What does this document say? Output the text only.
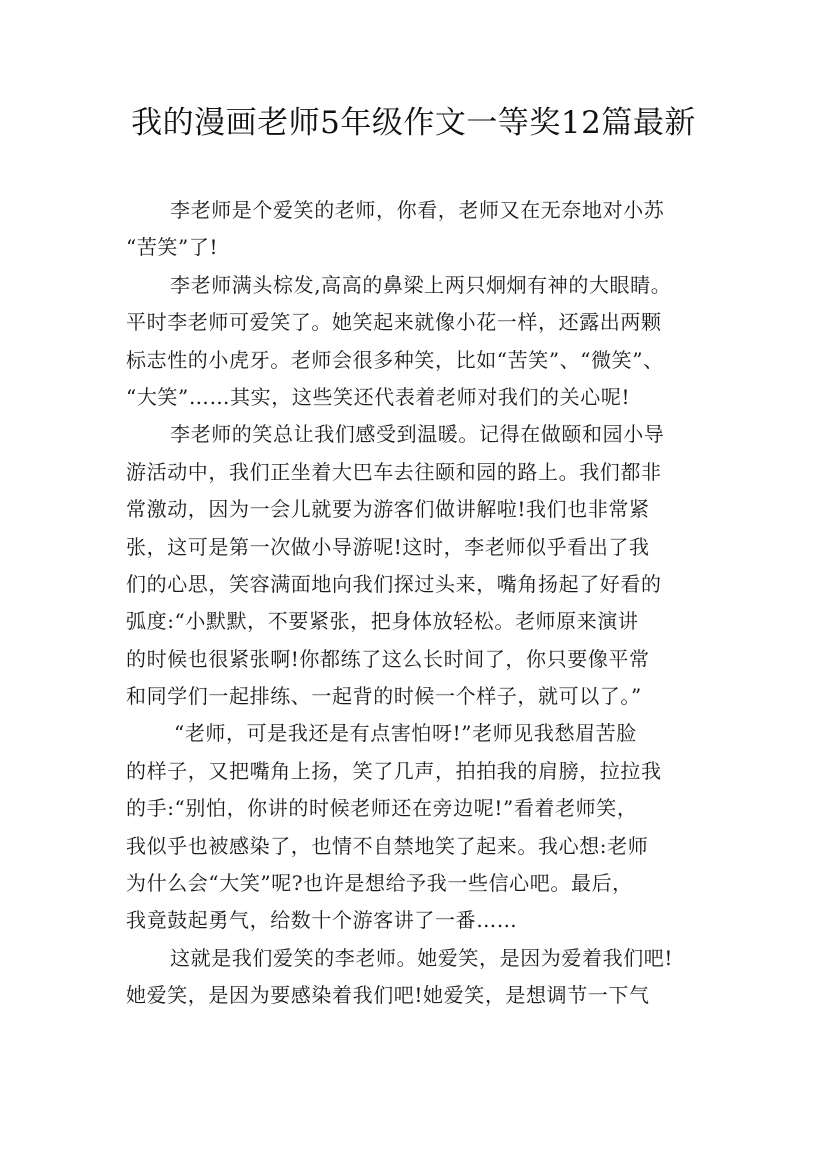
我的漫画老师5年级作文一等奖12篇最新
李老师是个爱笑的老师，你看，老师又在无奈地对小苏
“苦笑”了!
李老师满头棕发,高高的鼻梁上两只炯炯有神的大眼睛。
平时李老师可爱笑了。她笑起来就像小花一样，还露出两颗
标志性的小虎牙。老师会很多种笑，比如“苦笑”、“微笑”、
“大笑”……其实，这些笑还代表着老师对我们的关心呢!
李老师的笑总让我们感受到温暖。记得在做颐和园小导
游活动中，我们正坐着大巴车去往颐和园的路上。我们都非
常激动，因为一会儿就要为游客们做讲解啦!我们也非常紧
张，这可是第一次做小导游呢!这时，李老师似乎看出了我
们的心思，笑容满面地向我们探过头来，嘴角扬起了好看的
弧度:“小默默，不要紧张，把身体放轻松。老师原来演讲
的时候也很紧张啊!你都练了这么长时间了，你只要像平常
和同学们一起排练、一起背的时候一个样子，就可以了。”
“老师，可是我还是有点害怕呀!”老师见我愁眉苦脸
的样子，又把嘴角上扬，笑了几声，拍拍我的肩膀，拉拉我
的手:“别怕，你讲的时候老师还在旁边呢!”看着老师笑，
我似乎也被感染了，也情不自禁地笑了起来。我心想:老师
为什么会“大笑”呢?也许是想给予我一些信心吧。最后，
我竟鼓起勇气，给数十个游客讲了一番……
这就是我们爱笑的李老师。她爱笑，是因为爱着我们吧!
她爱笑，是因为要感染着我们吧!她爱笑，是想调节一下气
